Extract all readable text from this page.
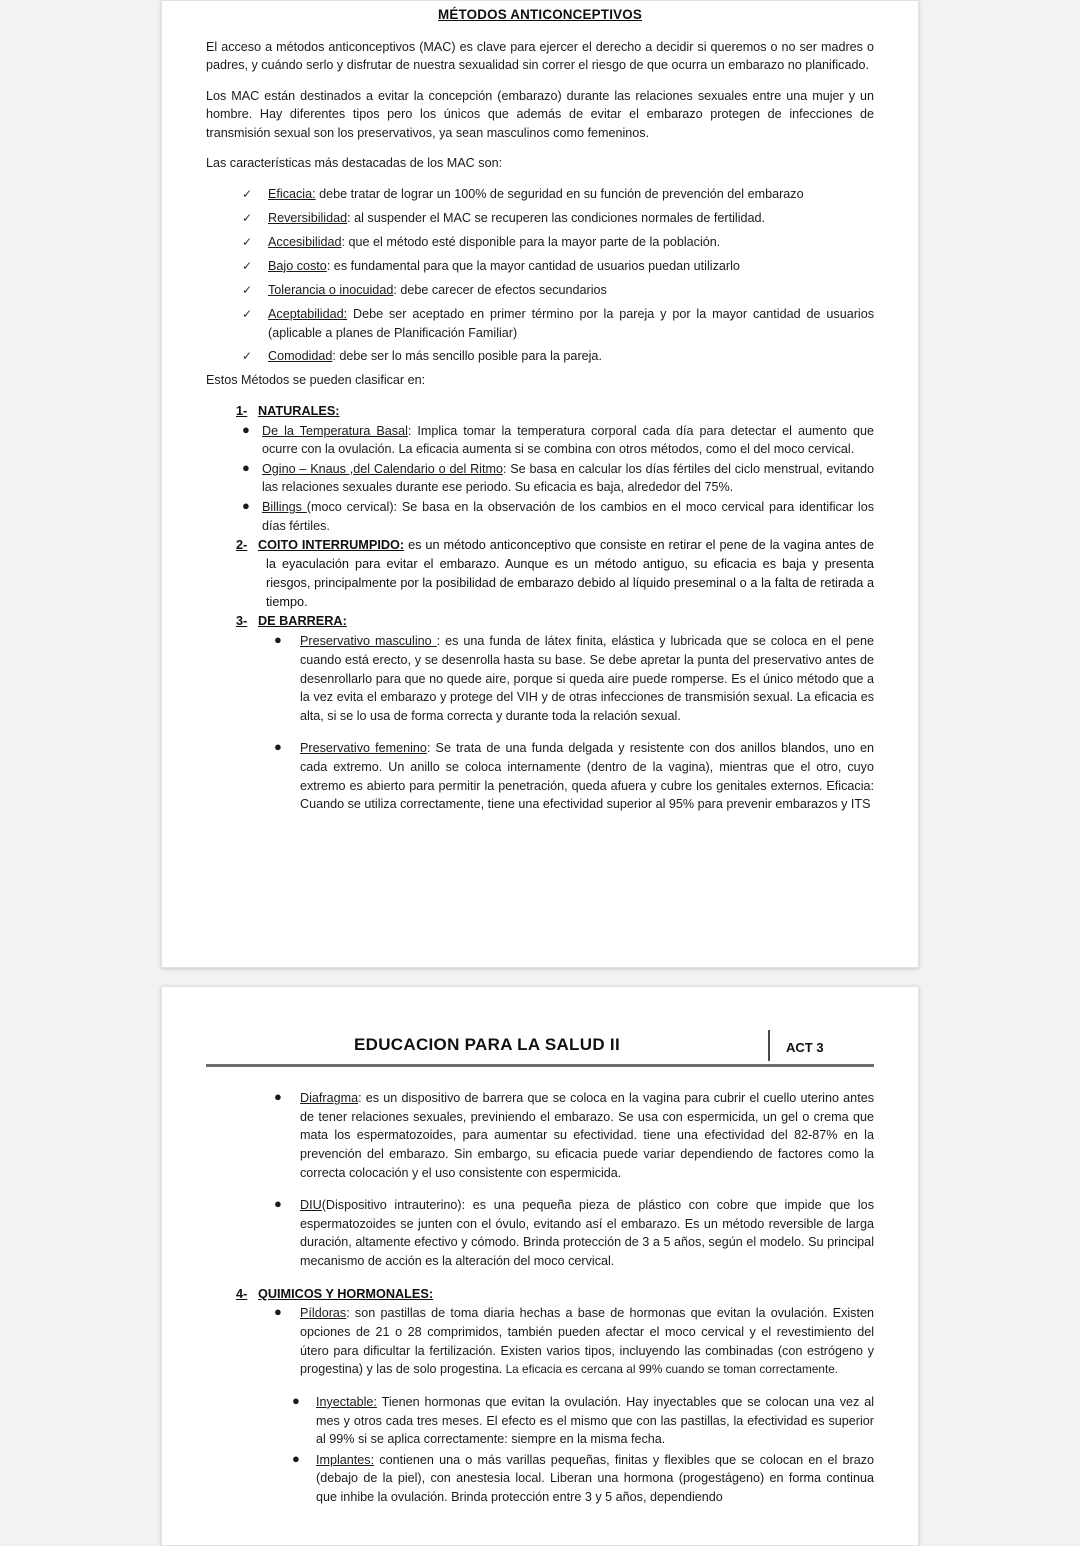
MÉTODOS ANTICONCEPTIVOS

El acceso a métodos anticonceptivos (MAC) es clave para ejercer el derecho a decidir si queremos o no ser madres o padres, y cuándo serlo y disfrutar de nuestra sexualidad sin correr el riesgo de que ocurra un embarazo no planificado.

Los MAC están destinados a evitar la concepción (embarazo) durante las relaciones sexuales entre una mujer y un hombre. Hay diferentes tipos pero los únicos que además de evitar el embarazo protegen de infecciones de transmisión sexual son los preservativos, ya sean masculinos como femeninos.

Las características más destacadas de los MAC son:

✓ Eficacia: debe tratar de lograr un 100% de seguridad en su función de prevención del embarazo
✓ Reversibilidad: al suspender el MAC se recuperen las condiciones normales de fertilidad.
✓ Accesibilidad: que el método esté disponible para la mayor parte de la población.
✓ Bajo costo: es fundamental para que la mayor cantidad de usuarios puedan utilizarlo
✓ Tolerancia o inocuidad: debe carecer de efectos secundarios
✓ Aceptabilidad: Debe ser aceptado en primer término por la pareja y por la mayor cantidad de usuarios (aplicable a planes de Planificación Familiar)
✓ Comodidad: debe ser lo más sencillo posible para la pareja.

Estos Métodos se pueden clasificar en:

1- NATURALES:
● De la Temperatura Basal: Implica tomar la temperatura corporal cada día para detectar el aumento que ocurre con la ovulación. La eficacia aumenta si se combina con otros métodos, como el del moco cervical.
● Ogino – Knaus ,del Calendario o del Ritmo: Se basa en calcular los días fértiles del ciclo menstrual, evitando las relaciones sexuales durante ese periodo. Su eficacia es baja, alrededor del 75%.
● Billings (moco cervical): Se basa en la observación de los cambios en el moco cervical para identificar los días fértiles.
2- COITO INTERRUMPIDO: es un método anticonceptivo que consiste en retirar el pene de la vagina antes de la eyaculación para evitar el embarazo. Aunque es un método antiguo, su eficacia es baja y presenta riesgos, principalmente por la posibilidad de embarazo debido al líquido preseminal o a la falta de retirada a tiempo.
3- DE BARRERA:
● Preservativo masculino : es una funda de látex finita, elástica y lubricada que se coloca en el pene cuando está erecto, y se desenrolla hasta su base. Se debe apretar la punta del preservativo antes de desenrollarlo para que no quede aire, porque si queda aire puede romperse. Es el único método que a la vez evita el embarazo y protege del VIH y de otras infecciones de transmisión sexual. La eficacia es alta, si se lo usa de forma correcta y durante toda la relación sexual.
● Preservativo femenino: Se trata de una funda delgada y resistente con dos anillos blandos, uno en cada extremo. Un anillo se coloca internamente (dentro de la vagina), mientras que el otro, cuyo extremo es abierto para permitir la penetración, queda afuera y cubre los genitales externos. Eficacia: Cuando se utiliza correctamente, tiene una efectividad superior al 95% para prevenir embarazos y ITS
EDUCACION PARA LA SALUD II	ACT 3
● Diafragma: es un dispositivo de barrera que se coloca en la vagina para cubrir el cuello uterino antes de tener relaciones sexuales, previniendo el embarazo. Se usa con espermicida, un gel o crema que mata los espermatozoides, para aumentar su efectividad. tiene una efectividad del 82-87% en la prevención del embarazo. Sin embargo, su eficacia puede variar dependiendo de factores como la correcta colocación y el uso consistente con espermicida.
● DIU(Dispositivo intrauterino): es una pequeña pieza de plástico con cobre que impide que los espermatozoides se junten con el óvulo, evitando así el embarazo. Es un método reversible de larga duración, altamente efectivo y cómodo. Brinda protección de 3 a 5 años, según el modelo. Su principal mecanismo de acción es la alteración del moco cervical.
4- QUIMICOS Y HORMONALES:
● Píldoras: son pastillas de toma diaria hechas a base de hormonas que evitan la ovulación. Existen opciones de 21 o 28 comprimidos, también pueden afectar el moco cervical y el revestimiento del útero para dificultar la fertilización. Existen varios tipos, incluyendo las combinadas (con estrógeno y progestina) y las de solo progestina. La eficacia es cercana al 99% cuando se toman correctamente.
● Inyectable: Tienen hormonas que evitan la ovulación. Hay inyectables que se colocan una vez al mes y otros cada tres meses. El efecto es el mismo que con las pastillas, la efectividad es superior al 99% si se aplica correctamente: siempre en la misma fecha.
● Implantes: contienen una o más varillas pequeñas, finitas y flexibles que se colocan en el brazo (debajo de la piel), con anestesia local. Liberan una hormona (progestágeno) en forma continua que inhibe la ovulación. Brinda protección entre 3 y 5 años, dependiendo
